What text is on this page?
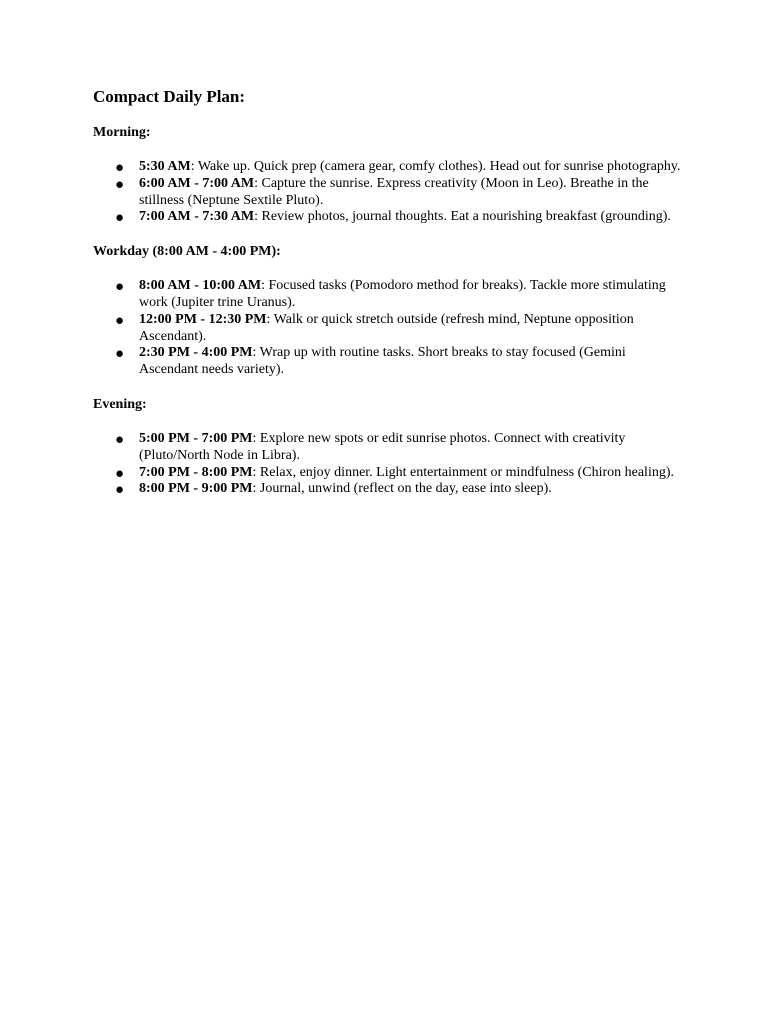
Compact Daily Plan:
Morning:
● 5:30 AM: Wake up. Quick prep (camera gear, comfy clothes). Head out for sunrise photography.
● 6:00 AM - 7:00 AM: Capture the sunrise. Express creativity (Moon in Leo). Breathe in the stillness (Neptune Sextile Pluto).
● 7:00 AM - 7:30 AM: Review photos, journal thoughts. Eat a nourishing breakfast (grounding).
Workday (8:00 AM - 4:00 PM):
● 8:00 AM - 10:00 AM: Focused tasks (Pomodoro method for breaks). Tackle more stimulating work (Jupiter trine Uranus).
● 12:00 PM - 12:30 PM: Walk or quick stretch outside (refresh mind, Neptune opposition Ascendant).
● 2:30 PM - 4:00 PM: Wrap up with routine tasks. Short breaks to stay focused (Gemini Ascendant needs variety).
Evening:
● 5:00 PM - 7:00 PM: Explore new spots or edit sunrise photos. Connect with creativity (Pluto/North Node in Libra).
● 7:00 PM - 8:00 PM: Relax, enjoy dinner. Light entertainment or mindfulness (Chiron healing).
● 8:00 PM - 9:00 PM: Journal, unwind (reflect on the day, ease into sleep).
